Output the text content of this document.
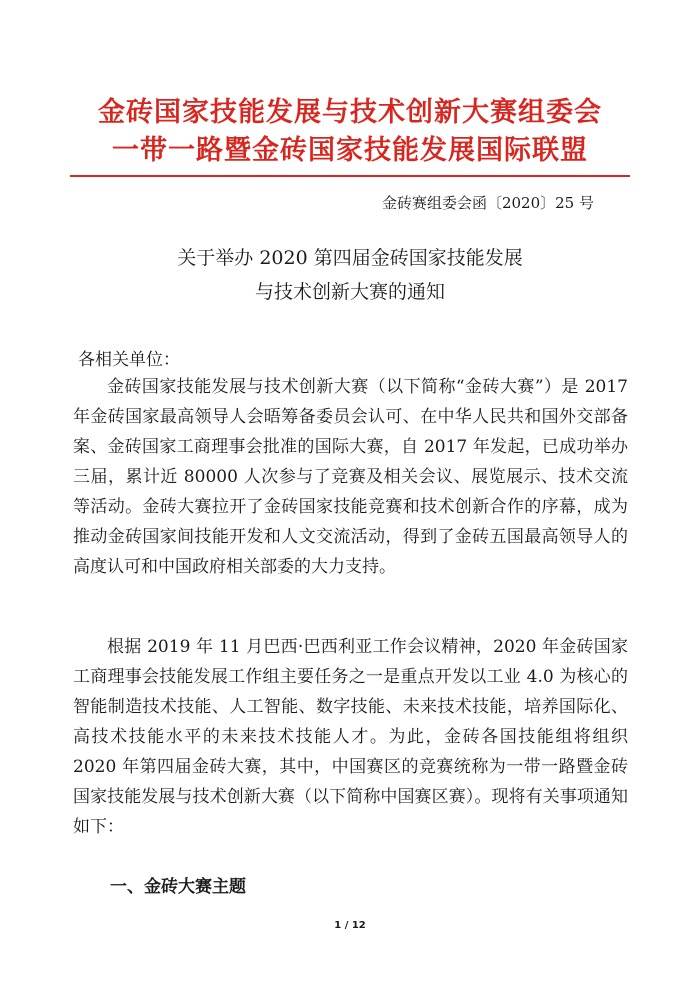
金砖国家技能发展与技术创新大赛组委会
一带一路暨金砖国家技能发展国际联盟
金砖赛组委会函〔2020〕25 号
关于举办 2020 第四届金砖国家技能发展
与技术创新大赛的通知
各相关单位：
金砖国家技能发展与技术创新大赛（以下简称“金砖大赛”）是 2017 年金砖国家最高领导人会晤筹备委员会认可、在中华人民共和国外交部备案、金砖国家工商理事会批准的国际大赛，自 2017 年发起，已成功举办三届，累计近 80000 人次参与了竞赛及相关会议、展览展示、技术交流等活动。金砖大赛拉开了金砖国家技能竞赛和技术创新合作的序幕，成为推动金砖国家间技能开发和人文交流活动，得到了金砖五国最高领导人的高度认可和中国政府相关部委的大力支持。
根据 2019 年 11 月巴西·巴西利亚工作会议精神，2020 年金砖国家工商理事会技能发展工作组主要任务之一是重点开发以工业 4.0 为核心的智能制造技术技能、人工智能、数字技能、未来技术技能，培养国际化、高技术技能水平的未来技术技能人才。为此，金砖各国技能组将组织 2020 年第四届金砖大赛，其中，中国赛区的竞赛统称为一带一路暨金砖国家技能发展与技术创新大赛（以下简称中国赛区赛）。现将有关事项通知如下：
一、金砖大赛主题
1 / 12
